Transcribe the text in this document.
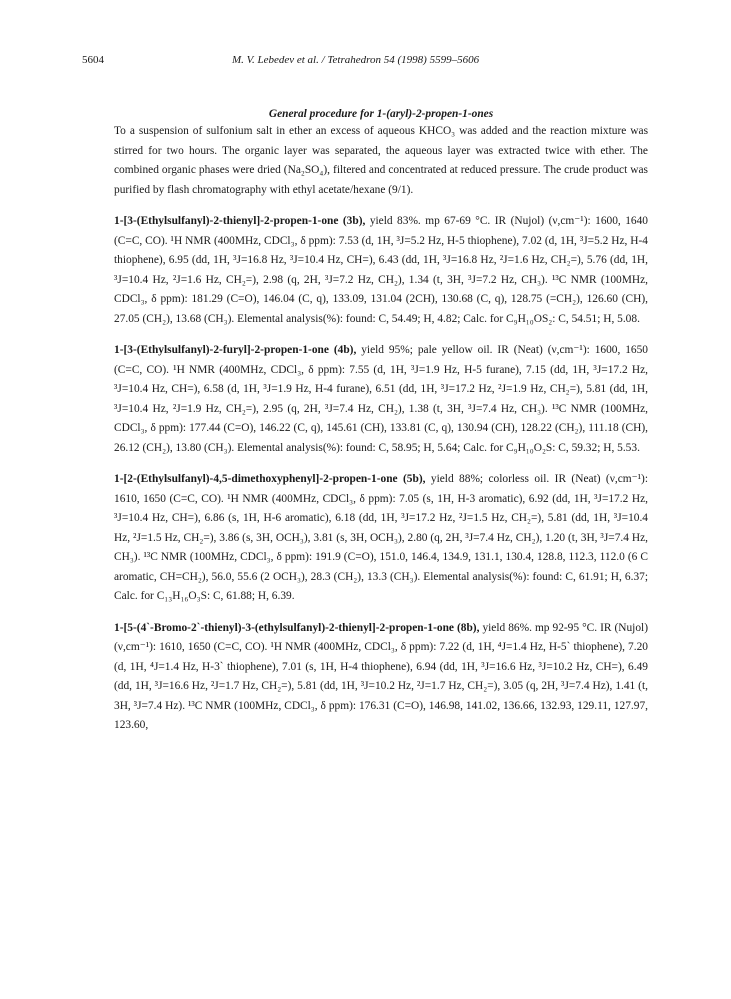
5604	M. V. Lebedev et al. / Tetrahedron 54 (1998) 5599–5606
General procedure for 1-(aryl)-2-propen-1-ones

To a suspension of sulfonium salt in ether an excess of aqueous KHCO₃ was added and the reaction mixture was stirred for two hours. The organic layer was separated, the aqueous layer was extracted twice with ether. The combined organic phases were dried (Na₂SO₄), filtered and concentrated at reduced pressure. The crude product was purified by flash chromatography with ethyl acetate/hexane (9/1).

1-[3-(Ethylsulfanyl)-2-thienyl]-2-propen-1-one (3b), yield 83%. mp 67-69 °C. IR (Nujol) (ν,cm⁻¹): 1600, 1640 (C=C, CO). ¹H NMR (400MHz, CDCl₃, δ ppm): 7.53 (d, 1H, ³J=5.2 Hz, H-5 thiophene), 7.02 (d, 1H, ³J=5.2 Hz, H-4 thiophene), 6.95 (dd, 1H, ³J=16.8 Hz, ³J=10.4 Hz, CH=), 6.43 (dd, 1H, ³J=16.8 Hz, ²J=1.6 Hz, CH₂=), 5.76 (dd, 1H, ³J=10.4 Hz, ²J=1.6 Hz, CH₂=), 2.98 (q, 2H, ³J=7.2 Hz, CH₂), 1.34 (t, 3H, ³J=7.2 Hz, CH₃). ¹³C NMR (100MHz, CDCl₃, δ ppm): 181.29 (C=O), 146.04 (C, q), 133.09, 131.04 (2CH), 130.68 (C, q), 128.75 (=CH₂), 126.60 (CH), 27.05 (CH₂), 13.68 (CH₃). Elemental analysis(%): found: C, 54.49; H, 4.82; Calc. for C₉H₁₀OS₂: C, 54.51; H, 5.08.

1-[3-(Ethylsulfanyl)-2-furyl]-2-propen-1-one (4b), yield 95%; pale yellow oil. IR (Neat) (ν,cm⁻¹): 1600, 1650 (C=C, CO). ¹H NMR (400MHz, CDCl₃, δ ppm): 7.55 (d, 1H, ³J=1.9 Hz, H-5 furane), 7.15 (dd, 1H, ³J=17.2 Hz, ³J=10.4 Hz, CH=), 6.58 (d, 1H, ³J=1.9 Hz, H-4 furane), 6.51 (dd, 1H, ³J=17.2 Hz, ²J=1.9 Hz, CH₂=), 5.81 (dd, 1H, ³J=10.4 Hz, ²J=1.9 Hz, CH₂=), 2.95 (q, 2H, ³J=7.4 Hz, CH₂), 1.38 (t, 3H, ³J=7.4 Hz, CH₃). ¹³C NMR (100MHz, CDCl₃, δ ppm): 177.44 (C=O), 146.22 (C, q), 145.61 (CH), 133.81 (C, q), 130.94 (CH), 128.22 (CH₂), 111.18 (CH), 26.12 (CH₂), 13.80 (CH₃). Elemental analysis(%): found: C, 58.95; H, 5.64; Calc. for C₉H₁₀O₂S: C, 59.32; H, 5.53.

1-[2-(Ethylsulfanyl)-4,5-dimethoxyphenyl]-2-propen-1-one (5b), yield 88%; colorless oil. IR (Neat) (ν,cm⁻¹): 1610, 1650 (C=C, CO). ¹H NMR (400MHz, CDCl₃, δ ppm): 7.05 (s, 1H, H-3 aromatic), 6.92 (dd, 1H, ³J=17.2 Hz, ³J=10.4 Hz, CH=), 6.86 (s, 1H, H-6 aromatic), 6.18 (dd, 1H, ³J=17.2 Hz, ²J=1.5 Hz, CH₂=), 5.81 (dd, 1H, ³J=10.4 Hz, ²J=1.5 Hz, CH₂=), 3.86 (s, 3H, OCH₃), 3.81 (s, 3H, OCH₃), 2.80 (q, 2H, ³J=7.4 Hz, CH₂), 1.20 (t, 3H, ³J=7.4 Hz, CH₃). ¹³C NMR (100MHz, CDCl₃, δ ppm): 191.9 (C=O), 151.0, 146.4, 134.9, 131.1, 130.4, 128.8, 112.3, 112.0 (6 C aromatic, CH=CH₂), 56.0, 55.6 (2 OCH₃), 28.3 (CH₂), 13.3 (CH₃). Elemental analysis(%): found: C, 61.91; H, 6.37; Calc. for C₁₃H₁₆O₃S: C, 61.88; H, 6.39.

1-[5-(4`-Bromo-2`-thienyl)-3-(ethylsulfanyl)-2-thienyl]-2-propen-1-one (8b), yield 86%. mp 92-95 °C. IR (Nujol) (ν,cm⁻¹): 1610, 1650 (C=C, CO). ¹H NMR (400MHz, CDCl₃, δ ppm): 7.22 (d, 1H, ⁴J=1.4 Hz, H-5` thiophene), 7.20 (d, 1H, ⁴J=1.4 Hz, H-3` thiophene), 7.01 (s, 1H, H-4 thiophene), 6.94 (dd, 1H, ³J=16.6 Hz, ³J=10.2 Hz, CH=), 6.49 (dd, 1H, ³J=16.6 Hz, ²J=1.7 Hz, CH₂=), 5.81 (dd, 1H, ³J=10.2 Hz, ²J=1.7 Hz, CH₂=), 3.05 (q, 2H, ³J=7.4 Hz), 1.41 (t, 3H, ³J=7.4 Hz). ¹³C NMR (100MHz, CDCl₃, δ ppm): 176.31 (C=O), 146.98, 141.02, 136.66, 132.93, 129.11, 127.97, 123.60,
